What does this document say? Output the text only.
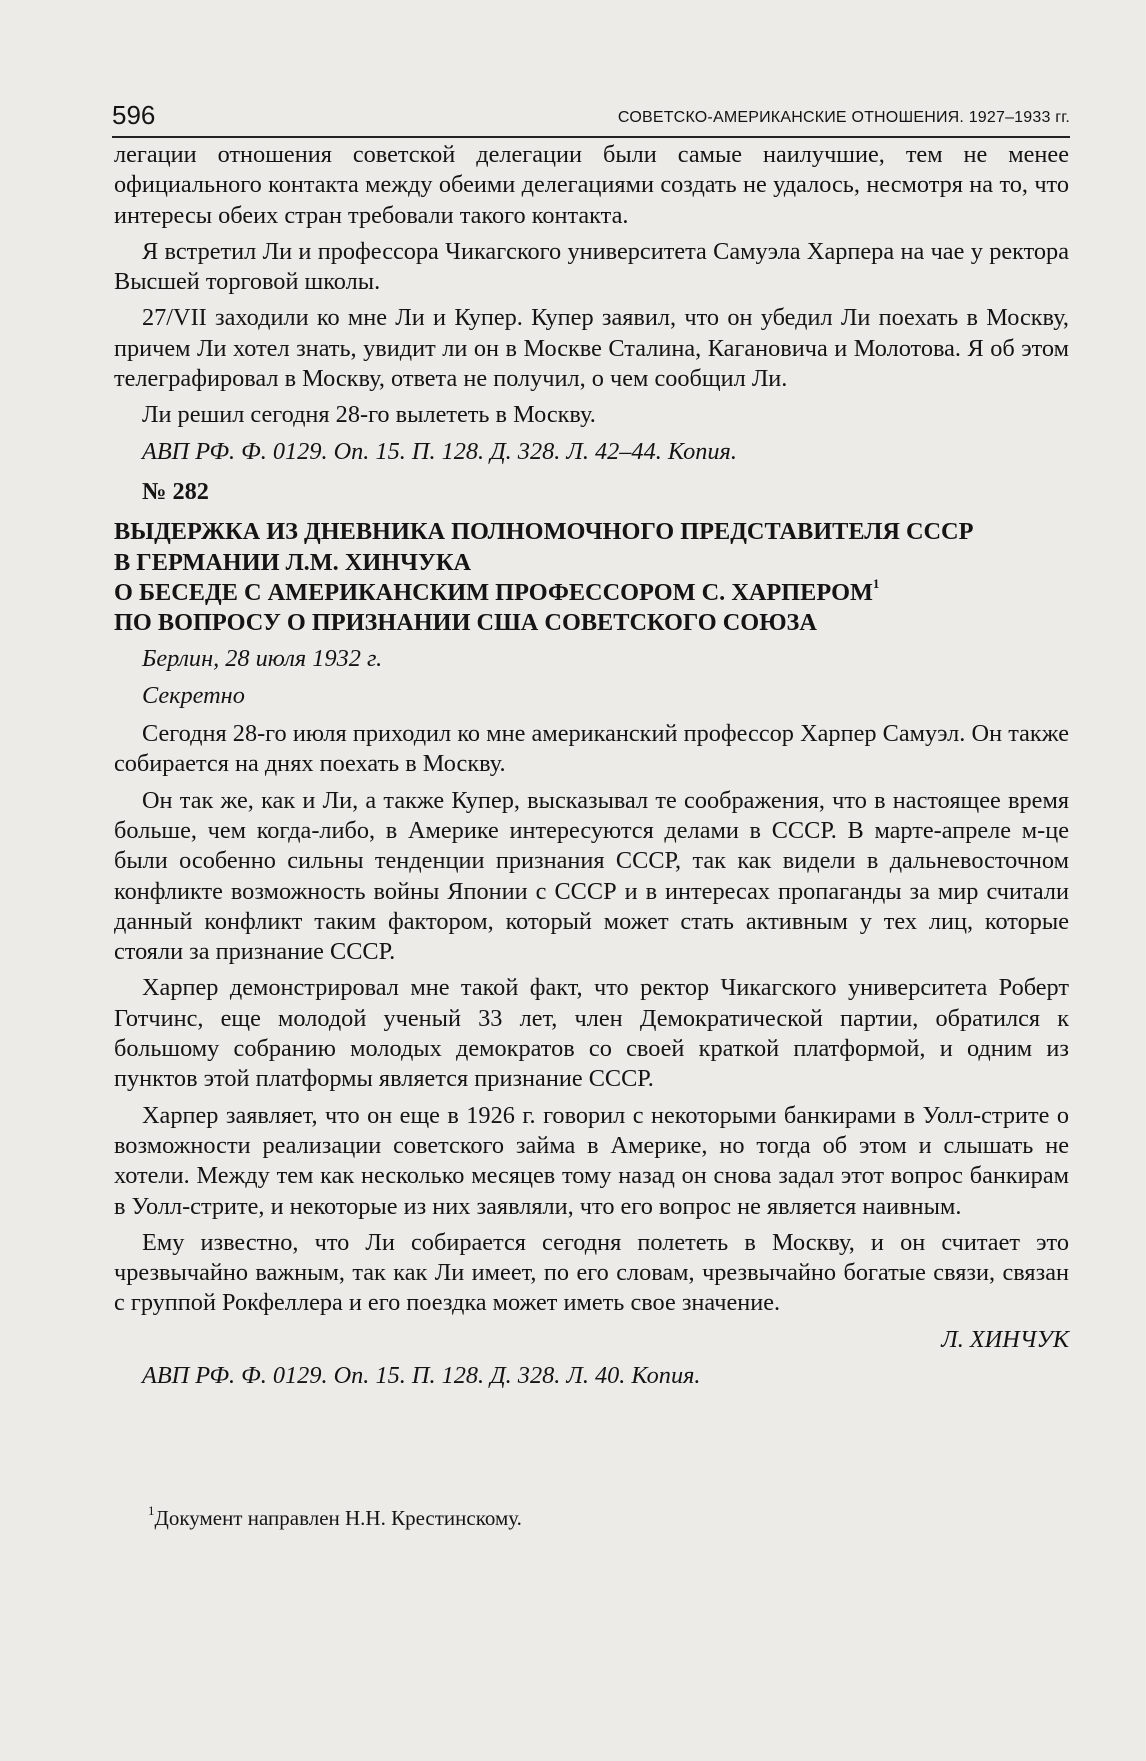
596	СОВЕТСКО-АМЕРИКАНСКИЕ ОТНОШЕНИЯ. 1927–1933 гг.

легации отношения советской делегации были самые наилучшие, тем не менее официального контакта между обеими делегациями создать не удалось, несмотря на то, что интересы обеих стран требовали такого контакта.

Я встретил Ли и профессора Чикагского университета Самуэла Харпера на чае у ректора Высшей торговой школы.

27/VII заходили ко мне Ли и Купер. Купер заявил, что он убедил Ли поехать в Москву, причем Ли хотел знать, увидит ли он в Москве Сталина, Кагановича и Молотова. Я об этом телеграфировал в Москву, ответа не получил, о чем сообщил Ли.

Ли решил сегодня 28-го вылететь в Москву.

АВП РФ. Ф. 0129. Оп. 15. П. 128. Д. 328. Л. 42–44. Копия.

№ 282

ВЫДЕРЖКА ИЗ ДНЕВНИКА ПОЛНОМОЧНОГО ПРЕДСТАВИТЕЛЯ СССР
В ГЕРМАНИИ Л.М. ХИНЧУКА
О БЕСЕДЕ С АМЕРИКАНСКИМ ПРОФЕССОРОМ С. ХАРПЕРОМ$^1$
ПО ВОПРОСУ О ПРИЗНАНИИ США СОВЕТСКОГО СОЮЗА

Берлин, 28 июля 1932 г.

Секретно

Сегодня 28-го июля приходил ко мне американский профессор Харпер Самуэл. Он также собирается на днях поехать в Москву.

Он так же, как и Ли, а также Купер, высказывал те соображения, что в настоящее время больше, чем когда-либо, в Америке интересуются делами в СССР. В марте-апреле м-це были особенно сильны тенденции признания СССР, так как видели в дальневосточном конфликте возможность войны Японии с СССР и в интересах пропаганды за мир считали данный конфликт таким фактором, который может стать активным у тех лиц, которые стояли за признание СССР.

Харпер демонстрировал мне такой факт, что ректор Чикагского университета Роберт Готчинс, еще молодой ученый 33 лет, член Демократической партии, обратился к большому собранию молодых демократов со своей краткой платформой, и одним из пунктов этой платформы является признание СССР.

Харпер заявляет, что он еще в 1926 г. говорил с некоторыми банкирами в Уолл-стрите о возможности реализации советского займа в Америке, но тогда об этом и слышать не хотели. Между тем как несколько месяцев тому назад он снова задал этот вопрос банкирам в Уолл-стрите, и некоторые из них заявляли, что его вопрос не является наивным.

Ему известно, что Ли собирается сегодня полететь в Москву, и он считает это чрезвычайно важным, так как Ли имеет, по его словам, чрезвычайно богатые связи, связан с группой Рокфеллера и его поездка может иметь свое значение.

Л. ХИНЧУК

АВП РФ. Ф. 0129. Оп. 15. П. 128. Д. 328. Л. 40. Копия.

$^1$Документ направлен Н.Н. Крестинскому.
